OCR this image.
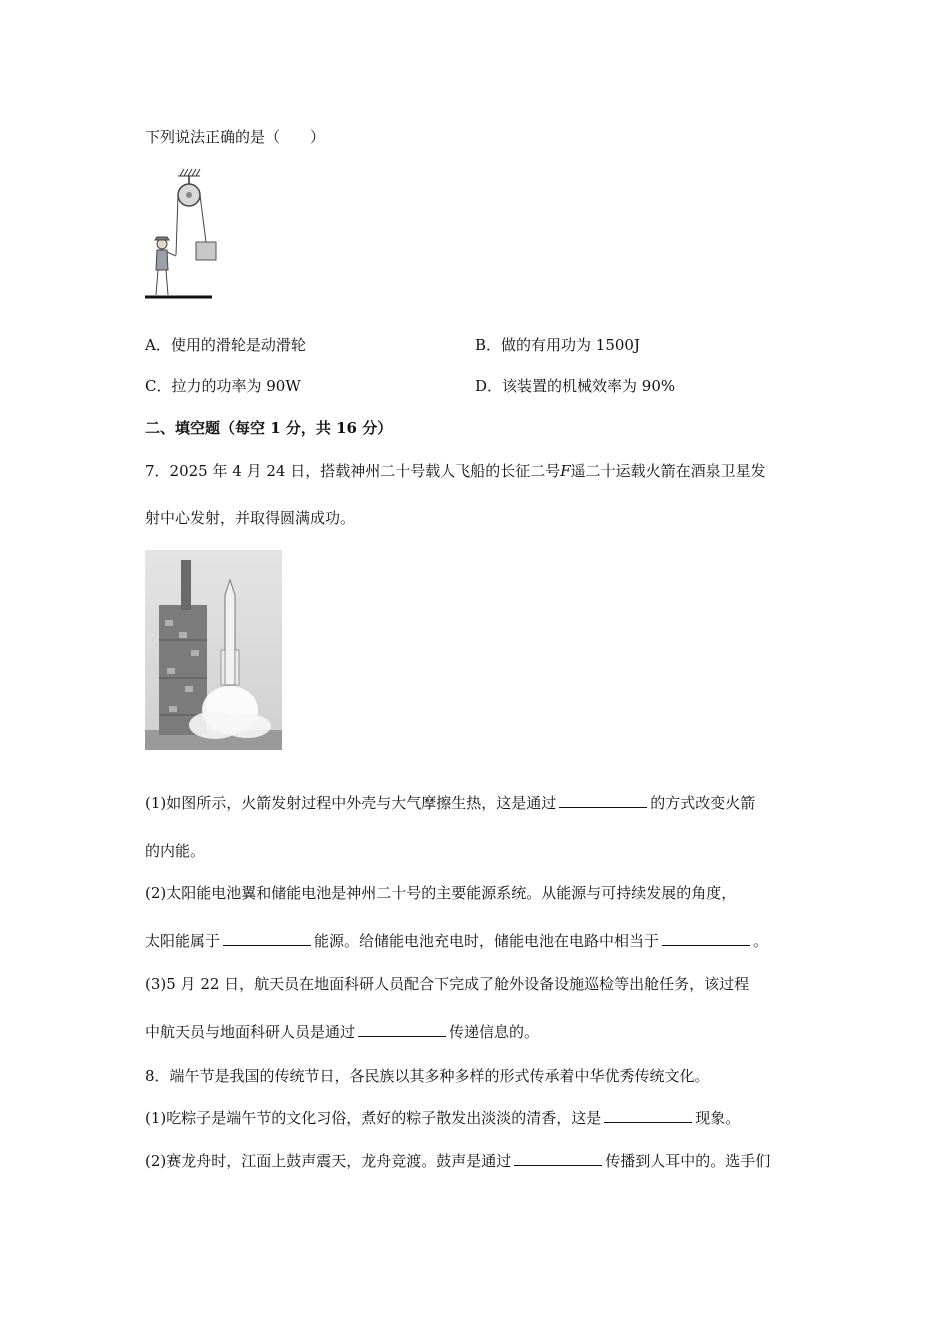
下列说法正确的是（　　）
A．使用的滑轮是动滑轮	B．做的有用功为 1500J
C．拉力的功率为 90W	D．该装置的机械效率为 90%
二、填空题（每空 1 分，共 16 分）
7．2025 年 4 月 24 日，搭载神州二十号载人飞船的长征二号F遥二十运载火箭在酒泉卫星发
射中心发射，并取得圆满成功。
(1)如图所示，火箭发射过程中外壳与大气摩擦生热，这是通过	的方式改变火箭
的内能。
(2)太阳能电池翼和储能电池是神州二十号的主要能源系统。从能源与可持续发展的角度，
太阳能属于	能源。给储能电池充电时，储能电池在电路中相当于	。
(3)5 月 22 日，航天员在地面科研人员配合下完成了舱外设备设施巡检等出舱任务，该过程
中航天员与地面科研人员是通过	传递信息的。
8．端午节是我国的传统节日，各民族以其多种多样的形式传承着中华优秀传统文化。
(1)吃粽子是端午节的文化习俗，煮好的粽子散发出淡淡的清香，这是	现象。
(2)赛龙舟时，江面上鼓声震天，龙舟竞渡。鼓声是通过	传播到人耳中的。选手们
